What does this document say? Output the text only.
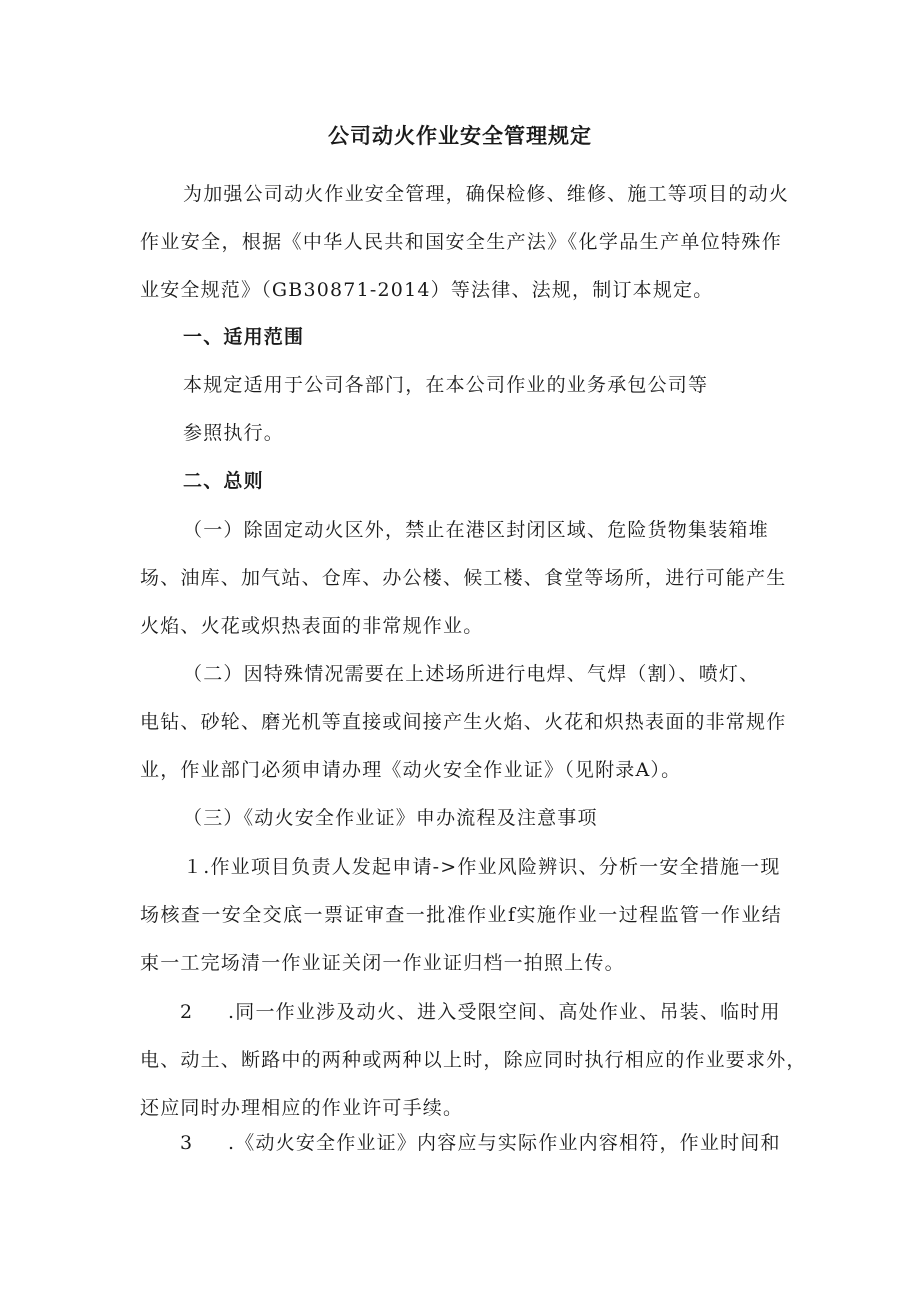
公司动火作业安全管理规定
为加强公司动火作业安全管理，确保检修、维修、施工等项目的动火
作业安全，根据《中华人民共和国安全生产法》《化学品生产单位特殊作
业安全规范》（GB30871-2014）等法律、法规，制订本规定。
一、适用范围
本规定适用于公司各部门，在本公司作业的业务承包公司等
参照执行。
二、总则
（一）除固定动火区外，禁止在港区封闭区域、危险货物集装箱堆
场、油库、加气站、仓库、办公楼、候工楼、食堂等场所，进行可能产生
火焰、火花或炽热表面的非常规作业。
（二）因特殊情况需要在上述场所进行电焊、气焊（割）、喷灯、
电钻、砂轮、磨光机等直接或间接产生火焰、火花和炽热表面的非常规作
业，作业部门必须申请办理《动火安全作业证》（见附录A）。
（三）《动火安全作业证》申办流程及注意事项
１.作业项目负责人发起申请->作业风险辨识、分析一安全措施一现
场核查一安全交底一票证审查一批准作业f实施作业一过程监管一作业结
束一工完场清一作业证关闭一作业证归档一拍照上传。
2 .同一作业涉及动火、进入受限空间、高处作业、吊装、临时用
电、动土、断路中的两种或两种以上时，除应同时执行相应的作业要求外，
还应同时办理相应的作业许可手续。
3 .《动火安全作业证》内容应与实际作业内容相符，作业时间和
